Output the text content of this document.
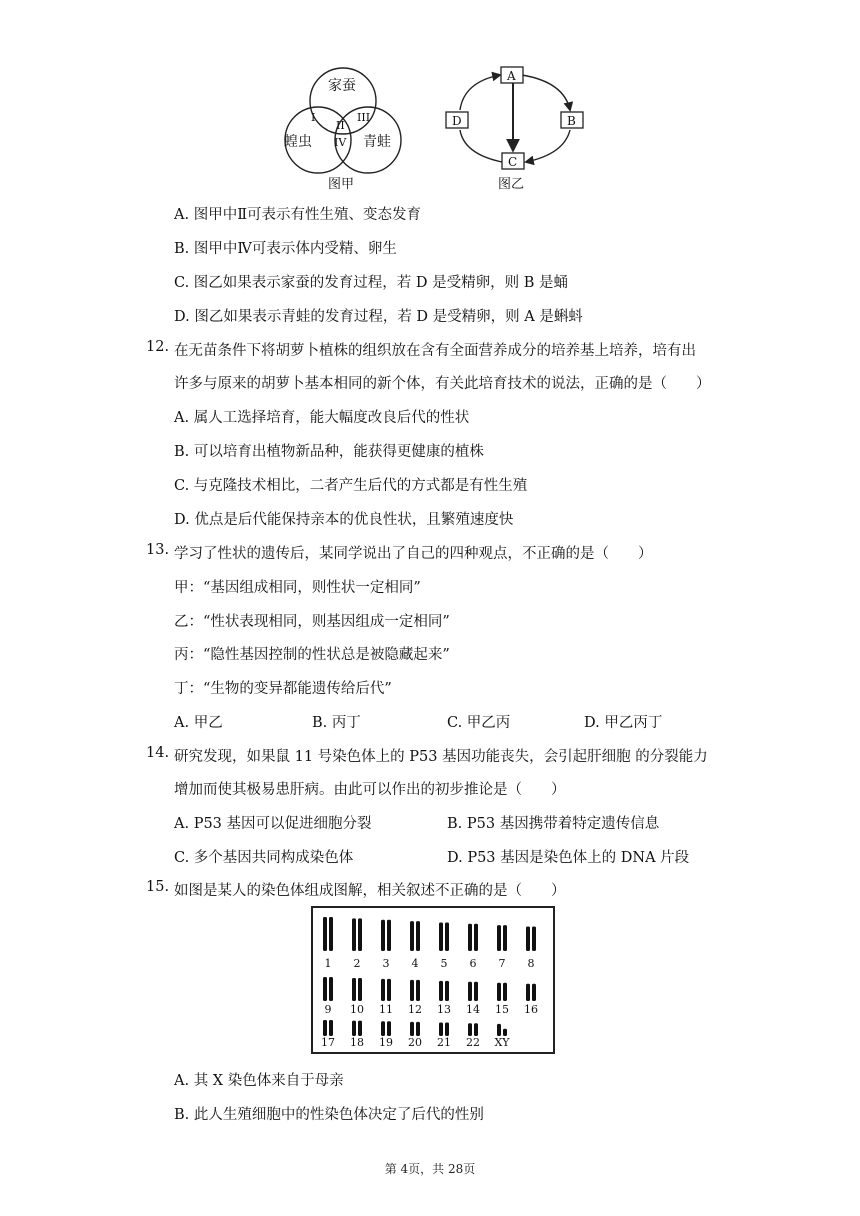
家蚕
蝗虫	青蛙
I
II
III
IV
图甲
A
B
C
D
图乙
A. 图甲中Ⅱ可表示有性生殖、变态发育
B. 图甲中Ⅳ可表示体内受精、卵生
C. 图乙如果表示家蚕的发育过程，若 D 是受精卵，则 B 是蛹
D. 图乙如果表示青蛙的发育过程，若 D 是受精卵，则 A 是蝌蚪
12. 在无苗条件下将胡萝卜植株的组织放在含有全面营养成分的培养基上培养，培有出
许多与原来的胡萝卜基本相同的新个体，有关此培育技术的说法，正确的是（　　）
A. 属人工选择培育，能大幅度改良后代的性状
B. 可以培育出植物新品种，能获得更健康的植株
C. 与克隆技术相比，二者产生后代的方式都是有性生殖
D. 优点是后代能保持亲本的优良性状，且繁殖速度快
13. 学习了性状的遗传后，某同学说出了自己的四种观点，不正确的是（　　）
甲：“基因组成相同，则性状一定相同”
乙：“性状表现相同，则基因组成一定相同”
丙：“隐性基因控制的性状总是被隐藏起来”
丁：“生物的变异都能遗传给后代”
A. 甲乙	B. 丙丁	C. 甲乙丙	D. 甲乙丙丁
14. 研究发现，如果鼠 11 号染色体上的 P53 基因功能丧失，会引起肝细胞 的分裂能力
增加而使其极易患肝病。由此可以作出的初步推论是（　　）
A. P53 基因可以促进细胞分裂	B. P53 基因携带着特定遗传信息
C. 多个基因共同构成染色体	D. P53 基因是染色体上的 DNA 片段
15. 如图是某人的染色体组成图解，相关叙述不正确的是（　　）
1 2 3 4 5 6 7 8
9 10 11 12 13 14 15 16
17 18 19 20 21 22 XY
A. 其 X 染色体来自于母亲
B. 此人生殖细胞中的性染色体决定了后代的性别
第 4页，共 28页
